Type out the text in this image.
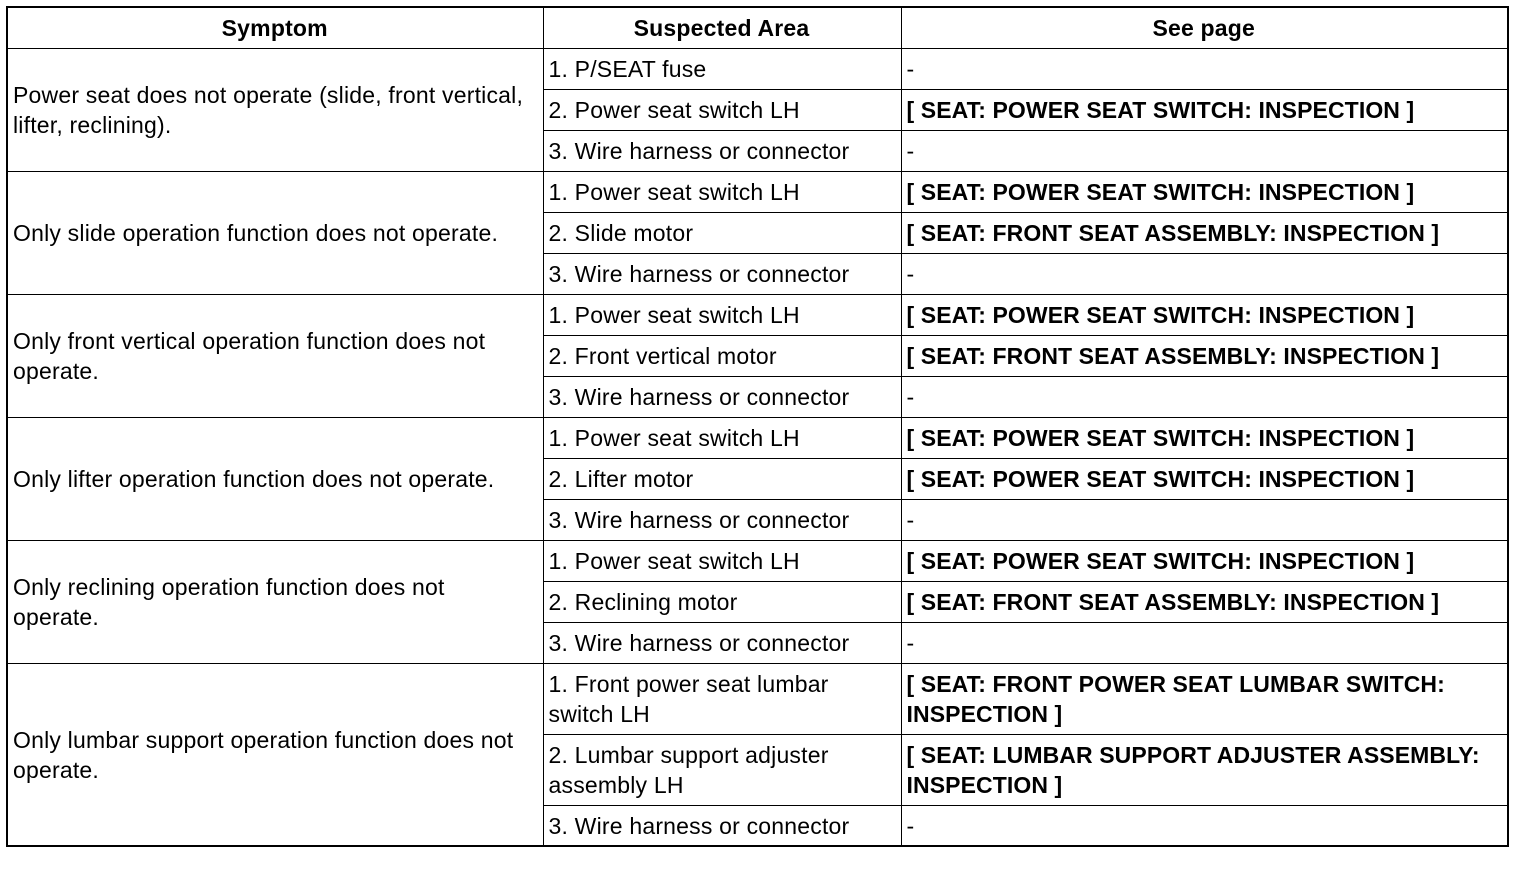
Symptom	Suspected Area	See page
Power seat does not operate (slide, front vertical, lifter, reclining).	1. P/SEAT fuse	-
	2. Power seat switch LH	[ SEAT: POWER SEAT SWITCH: INSPECTION ]
	3. Wire harness or connector	-
Only slide operation function does not operate.	1. Power seat switch LH	[ SEAT: POWER SEAT SWITCH: INSPECTION ]
	2. Slide motor	[ SEAT: FRONT SEAT ASSEMBLY: INSPECTION ]
	3. Wire harness or connector	-
Only front vertical operation function does not operate.	1. Power seat switch LH	[ SEAT: POWER SEAT SWITCH: INSPECTION ]
	2. Front vertical motor	[ SEAT: FRONT SEAT ASSEMBLY: INSPECTION ]
	3. Wire harness or connector	-
Only lifter operation function does not operate.	1. Power seat switch LH	[ SEAT: POWER SEAT SWITCH: INSPECTION ]
	2. Lifter motor	[ SEAT: POWER SEAT SWITCH: INSPECTION ]
	3. Wire harness or connector	-
Only reclining operation function does not operate.	1. Power seat switch LH	[ SEAT: POWER SEAT SWITCH: INSPECTION ]
	2. Reclining motor	[ SEAT: FRONT SEAT ASSEMBLY: INSPECTION ]
	3. Wire harness or connector	-
Only lumbar support operation function does not operate.	1. Front power seat lumbar switch LH	[ SEAT: FRONT POWER SEAT LUMBAR SWITCH: INSPECTION ]
	2. Lumbar support adjuster assembly LH	[ SEAT: LUMBAR SUPPORT ADJUSTER ASSEMBLY: INSPECTION ]
	3. Wire harness or connector	-
